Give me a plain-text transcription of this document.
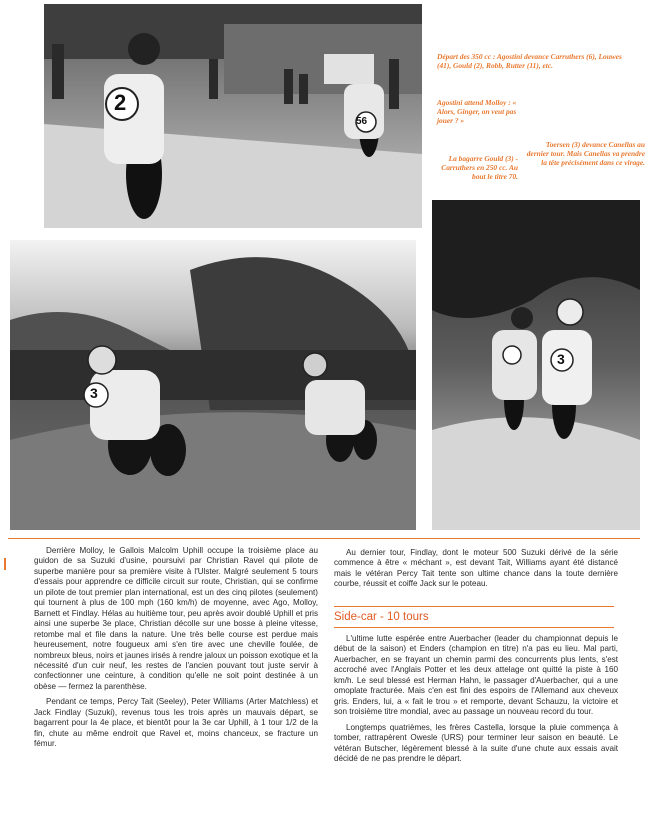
2
56

Départ des 350 cc : Agostini devance Carruthers (6), Louwes (41), Gould (2), Robb, Rutter (11), etc.

Agostini attend Molloy : « Alors, Ginger, on veut pas jouer ? »

Toersen (3) devance Canellas au dernier tour. Mais Canellas va prendre la tête précisément dans ce virage.

La bagarre Gould (3) - Carruthers en 250 cc. Au bout le titre 70.

3
3

Derrière Molloy, le Gallois Malcolm Uphill occupe la troisième place au guidon de sa Suzuki d'usine, poursuivi par Christian Ravel qui pilote de superbe manière pour sa première visite à l'Ulster. Malgré seulement 5 tours d'essais pour apprendre ce difficile circuit sur route, Christian, qui se confirme un pilote de tout premier plan international, est un des cinq pilotes (seulement) qui tournent à plus de 100 mph (160 km/h) de moyenne, avec Ago, Molloy, Barnett et Findlay. Hélas au huitième tour, peu après avoir doublé Uphill et pris ainsi une superbe 3e place, Christian décolle sur une bosse à pleine vitesse, retombe mal et file dans la nature. Une très belle course est perdue mais heureusement, notre fougueux ami s'en tire avec une cheville foulée, de nombreux bleus, noirs et jaunes irisés à rendre jaloux un poisson exotique et la nécessité d'un cuir neuf, les restes de l'ancien pouvant tout juste servir à confectionner une ceinture, à condition qu'elle ne soit point destinée à un obèse — fermez la parenthèse.

Pendant ce temps, Percy Tait (Seeley), Peter Williams (Arter Matchless) et Jack Findlay (Suzuki), revenus tous les trois après un mauvais départ, se bagarrent pour la 4e place, et bientôt pour la 3e car Uphill, à 1 tour 1/2 de la fin, chute au même endroit que Ravel et, moins chanceux, se fracture un fémur.

Au dernier tour, Findlay, dont le moteur 500 Suzuki dérivé de la série commence à être « méchant », est devant Tait, Williams ayant été distancé mais le vétéran Percy Tait tente son ultime chance dans la toute dernière courbe, réussit et coiffe Jack sur le poteau.

Side-car - 10 tours

L'ultime lutte espérée entre Auerbacher (leader du championnat depuis le début de la saison) et Enders (champion en titre) n'a pas eu lieu. Mal parti, Auerbacher, en se frayant un chemin parmi des concurrents plus lents, s'est accroché avec l'Anglais Potter et les deux attelage ont quitté la piste à 160 km/h. Le seul blessé est Herman Hahn, le passager d'Auerbacher, qui a une omoplate fracturée. Mais c'en est fini des espoirs de l'Allemand aux cheveux gris. Enders, lui, a « fait le trou » et remporte, devant Schauzu, la victoire et son troisième titre mondial, avec au passage un nouveau record du tour.

Longtemps quatrièmes, les frères Castella, lorsque la pluie commença à tomber, rattrapèrent Owesle (URS) pour terminer leur saison en beauté. Le vétéran Butscher, légèrement blessé à la suite d'une chute aux essais avait décidé de ne pas prendre le départ.
